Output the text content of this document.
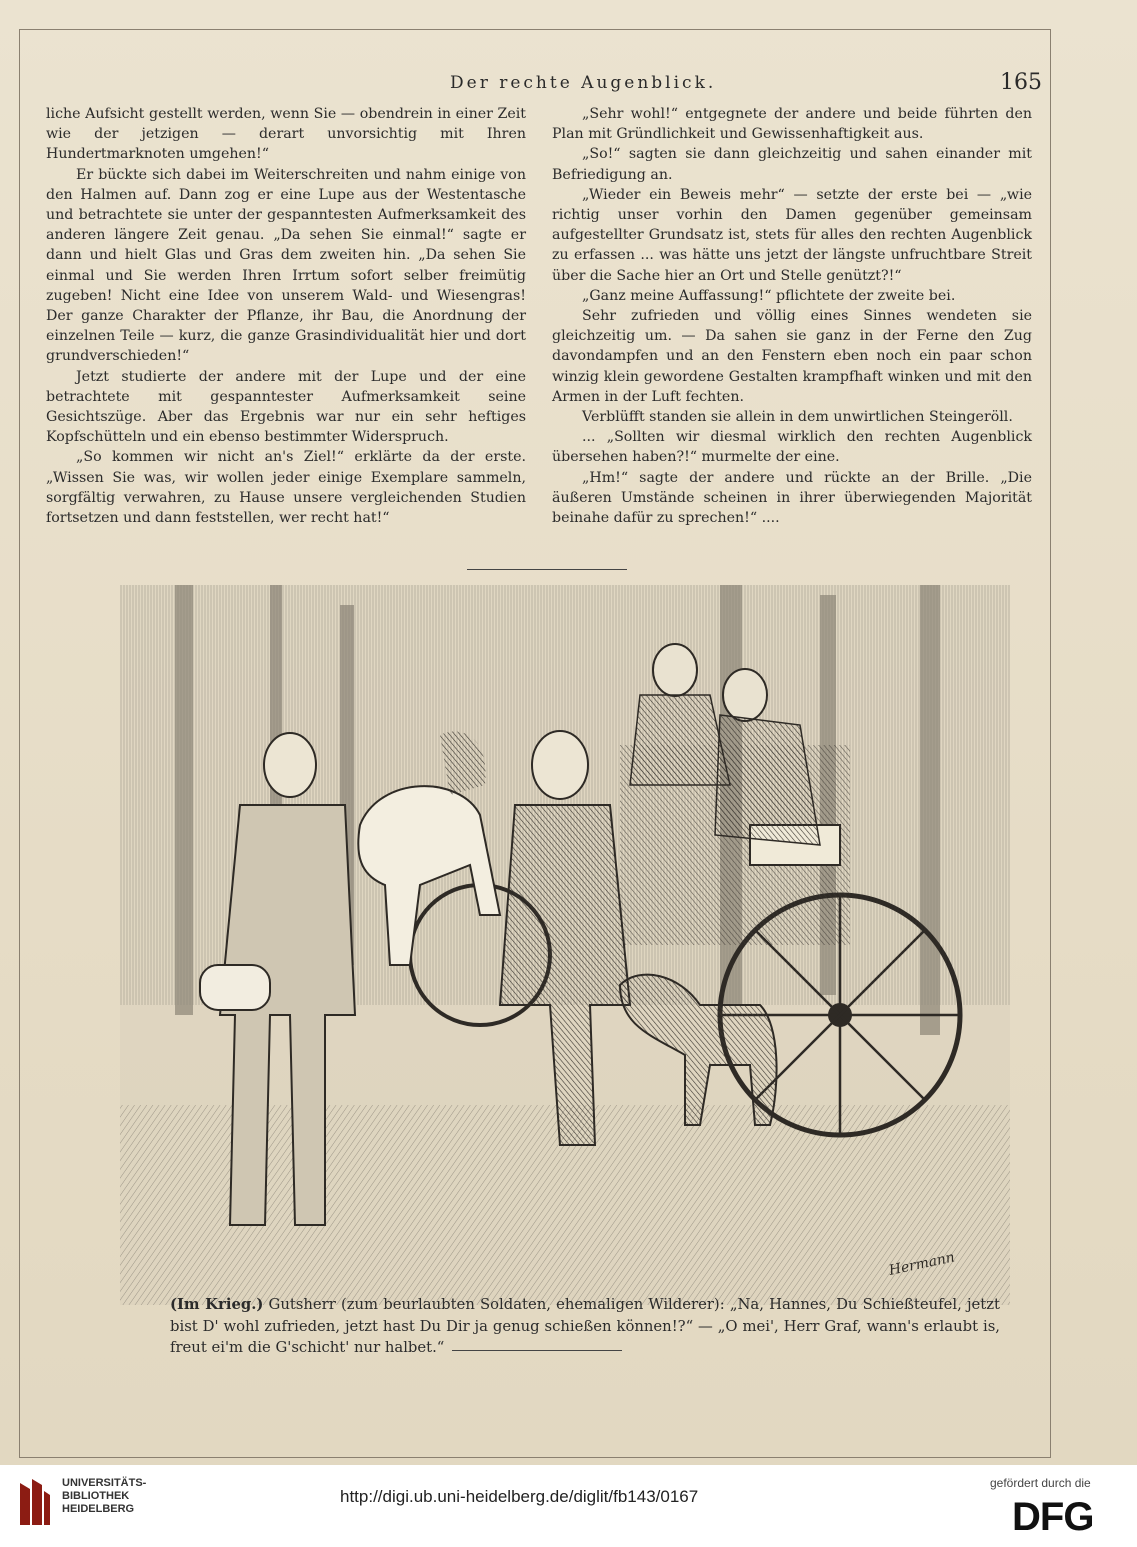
Der rechte Augenblick.	165

liche Aufsicht gestellt werden, wenn Sie — obendrein in einer Zeit wie der jetzigen — derart unvorsichtig mit Ihren Hundertmarknoten umgehen!“

Er bückte sich dabei im Weiterschreiten und nahm einige von den Halmen auf. Dann zog er eine Lupe aus der Westentasche und betrachtete sie unter der gespanntesten Aufmerksamkeit des anderen längere Zeit genau. „Da sehen Sie einmal!“ sagte er dann und hielt Glas und Gras dem zweiten hin. „Da sehen Sie einmal und Sie werden Ihren Irrtum sofort selber freimütig zugeben! Nicht eine Idee von unserem Wald- und Wiesengras! Der ganze Charakter der Pflanze, ihr Bau, die Anordnung der einzelnen Teile — kurz, die ganze Grasindividualität hier und dort grundverschieden!“

Jetzt studierte der andere mit der Lupe und der eine betrachtete mit gespanntester Aufmerksamkeit seine Gesichtszüge. Aber das Ergebnis war nur ein sehr heftiges Kopfschütteln und ein ebenso bestimmter Widerspruch.

„So kommen wir nicht an's Ziel!“ erklärte da der erste. „Wissen Sie was, wir wollen jeder einige Exemplare sammeln, sorgfältig verwahren, zu Hause unsere vergleichenden Studien fortsetzen und dann feststellen, wer recht hat!“

„Sehr wohl!“ entgegnete der andere und beide führten den Plan mit Gründlichkeit und Gewissenhaftigkeit aus.

„So!“ sagten sie dann gleichzeitig und sahen einander mit Befriedigung an.

„Wieder ein Beweis mehr“ — setzte der erste bei — „wie richtig unser vorhin den Damen gegenüber gemeinsam aufgestellter Grundsatz ist, stets für alles den rechten Augenblick zu erfassen ... was hätte uns jetzt der längste unfruchtbare Streit über die Sache hier an Ort und Stelle genützt?!“

„Ganz meine Auffassung!“ pflichtete der zweite bei.

Sehr zufrieden und völlig eines Sinnes wendeten sie gleichzeitig um. — Da sahen sie ganz in der Ferne den Zug davondampfen und an den Fenstern eben noch ein paar schon winzig klein gewordene Gestalten krampfhaft winken und mit den Armen in der Luft fechten.

Verblüfft standen sie allein in dem unwirtlichen Steingeröll.

... „Sollten wir diesmal wirklich den rechten Augenblick übersehen haben?!“ murmelte der eine.

„Hm!“ sagte der andere und rückte an der Brille. „Die äußeren Umstände scheinen in ihrer überwiegenden Majorität beinahe dafür zu sprechen!“ ....

Hermann
(Im Krieg.) Gutsherr (zum beurlaubten Soldaten, ehemaligen Wilderer): „Na, Hannes, Du Schießteufel, jetzt bist D' wohl zufrieden, jetzt hast Du Dir ja genug schießen können!?“ — „O mei', Herr Graf, wann's erlaubt is, freut ei'm die G'schicht' nur halbet.“
UNIVERSITÄTS-
BIBLIOTHEK
HEIDELBERG
http://digi.ub.uni-heidelberg.de/diglit/fb143/0167
gefördert durch die
DFG
